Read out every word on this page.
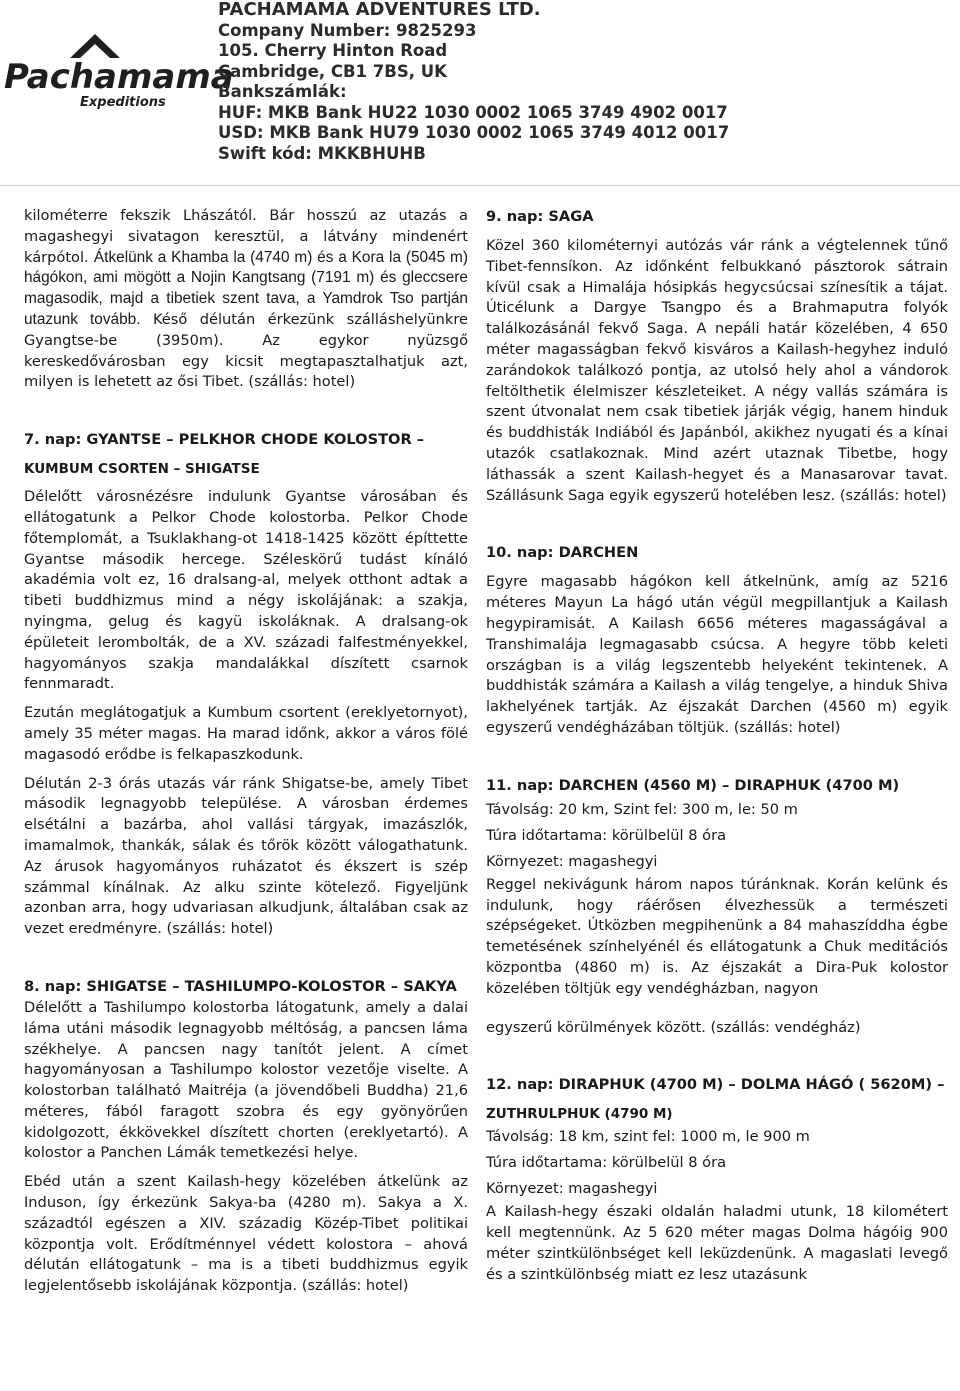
Pachamama
Expeditions
PACHAMAMA ADVENTURES LTD.
Company Number: 9825293
105. Cherry Hinton Road
Cambridge, CB1 7BS, UK
Bankszámlák:
HUF: MKB Bank HU22 1030 0002 1065 3749 4902 0017
USD: MKB Bank HU79 1030 0002 1065 3749 4012 0017
Swift kód: MKKBHUHB

kilométerre fekszik Lhászától. Bár hosszú az utazás a magashegyi sivatagon keresztül, a látvány mindenért kárpótol. Átkelünk a Khamba la (4740 m) és a Kora la (5045 m) hágókon, ami mögött a Nojin Kangtsang (7191 m) és gleccsere magasodik, majd a tibetiek szent tava, a Yamdrok Tso partján utazunk tovább. Késő délután érkezünk szálláshelyünkre Gyangtse-be (3950m). Az egykor nyüzsgő kereskedővárosban egy kicsit megtapasztalhatjuk azt, milyen is lehetett az ősi Tibet. (szállás: hotel)

7. nap: GYANTSE – PELKHOR CHODE KOLOSTOR –
KUMBUM CSORTEN – SHIGATSE

Délelőtt városnézésre indulunk Gyantse városában és ellátogatunk a Pelkor Chode kolostorba. Pelkor Chode főtemplomát, a Tsuklakhang-ot 1418-1425 között építtette Gyantse második hercege. Széleskörű tudást kínáló akadémia volt ez, 16 dralsang-al, melyek otthont adtak a tibeti buddhizmus mind a négy iskolájának: a szakja, nyingma, gelug és kagyü iskoláknak. A dralsang-ok épületeit lerombolták, de a XV. századi falfestményekkel, hagyományos szakja mandalákkal díszített csarnok fennmaradt.

Ezután meglátogatjuk a Kumbum csortent (ereklyetornyot), amely 35 méter magas. Ha marad időnk, akkor a város fölé magasodó erődbe is felkapaszkodunk.

Délután 2-3 órás utazás vár ránk Shigatse-be, amely Tibet második legnagyobb települése. A városban érdemes elsétálni a bazárba, ahol vallási tárgyak, imazászlók, imamalmok, thankák, sálak és tőrök között válogathatunk. Az árusok hagyományos ruházatot és ékszert is szép számmal kínálnak. Az alku szinte kötelező. Figyeljünk azonban arra, hogy udvariasan alkudjunk, általában csak az vezet eredményre. (szállás: hotel)

8. nap: SHIGATSE – TASHILUMPO-KOLOSTOR – SAKYA

Délelőtt a Tashilumpo kolostorba látogatunk, amely a dalai láma utáni második legnagyobb méltóság, a pancsen láma székhelye. A pancsen nagy tanítót jelent. A címet hagyományosan a Tashilumpo kolostor vezetője viselte. A kolostorban található Maitréja (a jövendőbeli Buddha) 21,6 méteres, fából faragott szobra és egy gyönyörűen kidolgozott, ékkövekkel díszített chorten (ereklyetartó). A kolostor a Panchen Lámák temetkezési helye.

Ebéd után a szent Kailash-hegy közelében átkelünk az Induson, így érkezünk Sakya-ba (4280 m). Sakya a X. századtól egészen a XIV. századig Közép-Tibet politikai központja volt. Erődítménnyel védett kolostora – ahová délután ellátogatunk – ma is a tibeti buddhizmus egyik legjelentősebb iskolájának központja. (szállás: hotel)

9. nap: SAGA

Közel 360 kilométernyi autózás vár ránk a végtelennek tűnő Tibet-fennsíkon. Az időnként felbukkanó pásztorok sátrain kívül csak a Himalája hósipkás hegycsúcsai színesítik a tájat. Úticélunk a Dargye Tsangpo és a Brahmaputra folyók találkozásánál fekvő Saga. A nepáli határ közelében, 4 650 méter magasságban fekvő kisváros a Kailash-hegyhez induló zarándokok találkozó pontja, az utolsó hely ahol a vándorok feltölthetik élelmiszer készleteiket. A négy vallás számára is szent útvonalat nem csak tibetiek járják végig, hanem hinduk és buddhisták Indiából és Japánból, akikhez nyugati és a kínai utazók csatlakoznak. Mind azért utaznak Tibetbe, hogy láthassák a szent Kailash-hegyet és a Manasarovar tavat. Szállásunk Saga egyik egyszerű hotelében lesz. (szállás: hotel)

10. nap: DARCHEN

Egyre magasabb hágókon kell átkelnünk, amíg az 5216 méteres Mayun La hágó után végül megpillantjuk a Kailash hegypiramisát. A Kailash 6656 méteres magasságával a Transhimalája legmagasabb csúcsa. A hegyre több keleti országban is a világ legszentebb helyeként tekintenek. A buddhisták számára a Kailash a világ tengelye, a hinduk Shiva lakhelyének tartják. Az éjszakát Darchen (4560 m) egyik egyszerű vendégházában töltjük. (szállás: hotel)

11. nap: DARCHEN (4560 M) – DIRAPHUK (4700 M)
Távolság: 20 km, Szint fel: 300 m, le: 50 m
Túra időtartama: körülbelül 8 óra
Környezet: magashegyi

Reggel nekivágunk három napos túránknak. Korán kelünk és indulunk, hogy ráérősen élvezhessük a természeti szépségeket. Útközben megpihenünk a 84 mahaszíddha égbe temetésének színhelyénél és ellátogatunk a Chuk meditációs központba (4860 m) is. Az éjszakát a Dira-Puk kolostor közelében töltjük egy vendégházban, nagyon

egyszerű körülmények között. (szállás: vendégház)

12. nap: DIRAPHUK (4700 M) – DOLMA HÁGÓ ( 5620M) –
ZUTHRULPHUK (4790 M)
Távolság: 18 km, szint fel: 1000 m, le 900 m
Túra időtartama: körülbelül 8 óra
Környezet: magashegyi

A Kailash-hegy északi oldalán haladmi utunk, 18 kilométert kell megtennünk. Az 5 620 méter magas Dolma hágóig 900 méter szintkülönbséget kell leküzdenünk. A magaslati levegő és a szintkülönbség miatt ez lesz utazásunk
